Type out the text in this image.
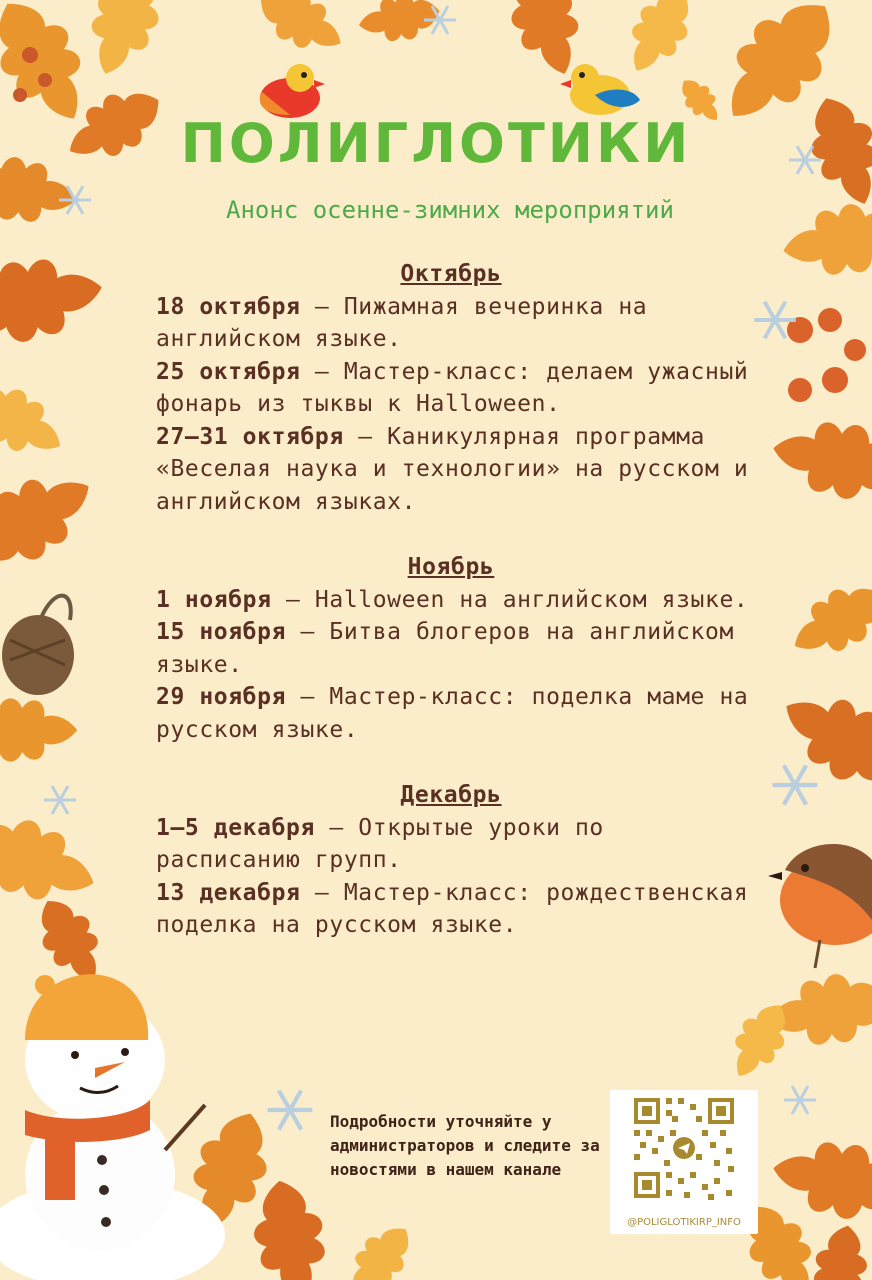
ПОЛИГЛОТИКИ
Анонс осенне-зимних мероприятий
Октябрь

18 октября — Пижамная вечеринка на английском языке.

25 октября — Мастер-класс: делаем ужасный фонарь из тыквы к Halloween.

27–31 октября — Каникулярная программа «Веселая наука и технологии» на русском и английском языках.

Ноябрь

1 ноября — Halloween на английском языке.

15 ноября — Битва блогеров на английском языке.

29 ноября — Мастер-класс: поделка маме на русском языке.

Декабрь

1–5 декабря — Открытые уроки по расписанию групп.

13 декабря — Мастер-класс: рождественская поделка на русском языке.

Подробности уточняйте у администраторов и следите за новостями в нашем канале
@POLIGLOTIKIRP_INFO
